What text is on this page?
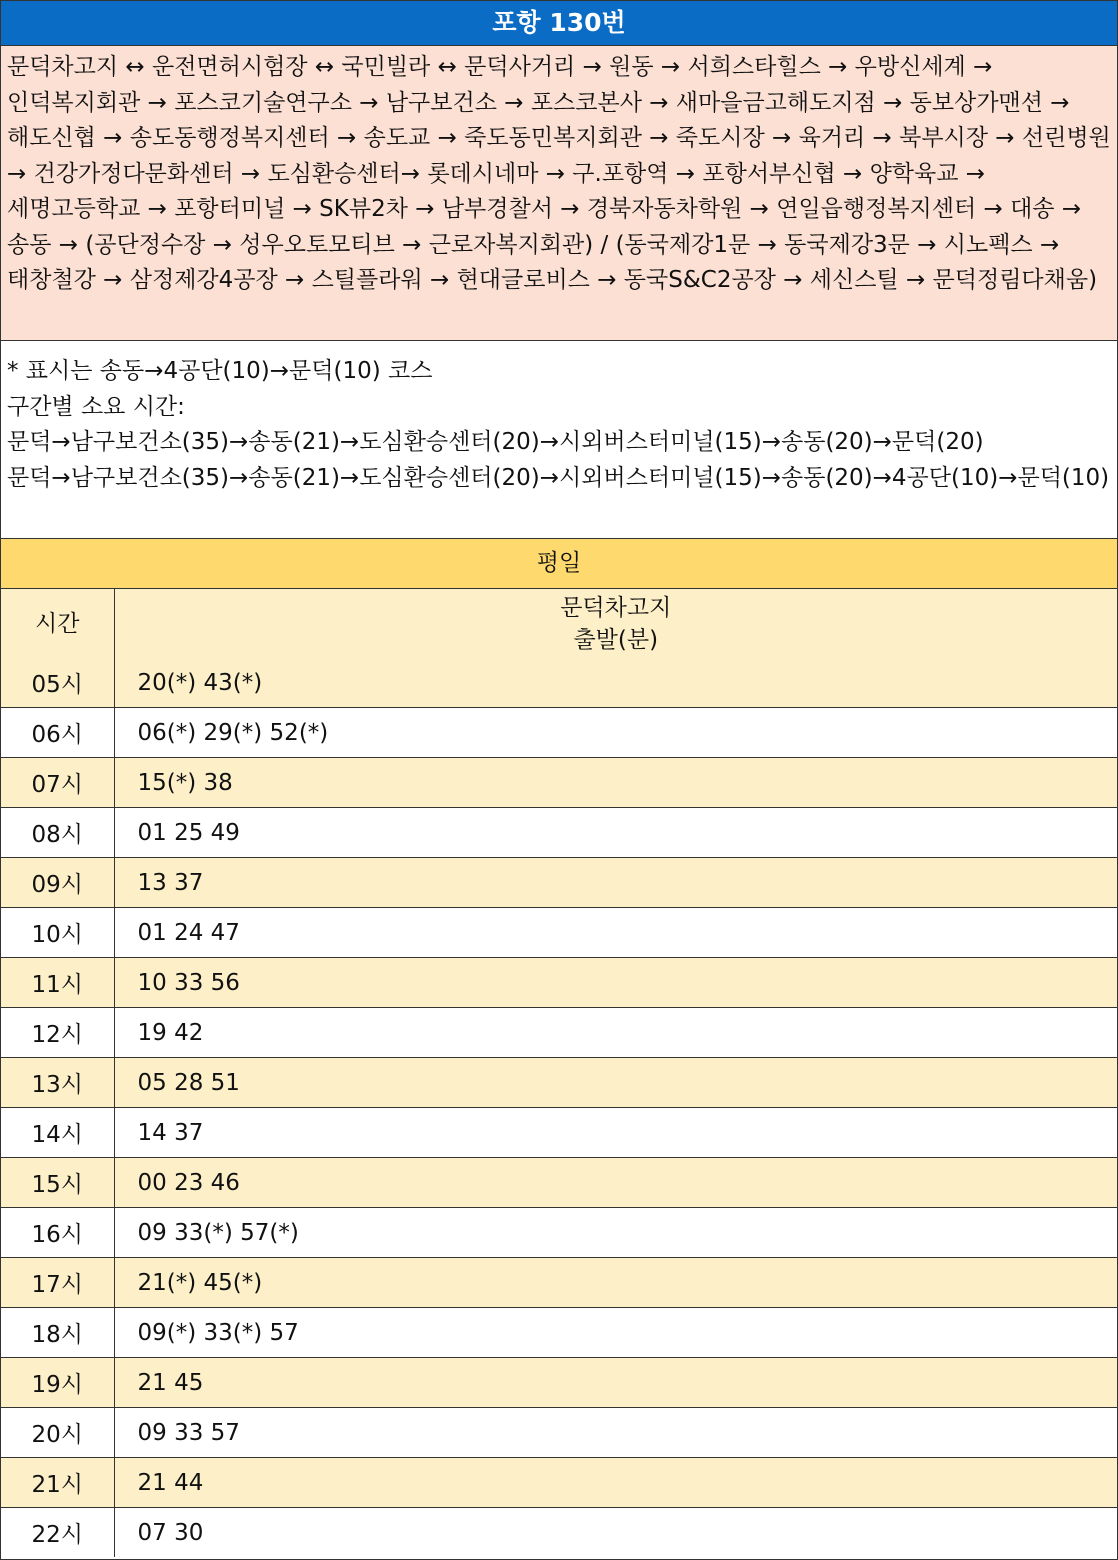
포항 130번
문덕차고지 ↔ 운전면허시험장 ↔ 국민빌라 ↔ 문덕사거리 → 원동 → 서희스타힐스 → 우방신세계 → 인덕복지회관 → 포스코기술연구소 → 남구보건소 → 포스코본사 → 새마을금고해도지점 → 동보상가맨션 → 해도신협 → 송도동행정복지센터 → 송도교 → 죽도동민복지회관 → 죽도시장 → 육거리 → 북부시장 → 선린병원 → 건강가정다문화센터 → 도심환승센터→ 롯데시네마 → 구.포항역 → 포항서부신협 → 양학육교 → 세명고등학교 → 포항터미널 → SK뷰2차 → 남부경찰서 → 경북자동차학원 → 연일읍행정복지센터 → 대송 → 송동 → (공단정수장 → 성우오토모티브 → 근로자복지회관) / (동국제강1문 → 동국제강3문 → 시노펙스 → 태창철강 → 삼정제강4공장 → 스틸플라워 → 현대글로비스 → 동국S&C2공장 → 세신스틸 → 문덕정림다채움)
* 표시는 송동→4공단(10)→문덕(10) 코스
구간별 소요 시간:
문덕→남구보건소(35)→송동(21)→도심환승센터(20)→시외버스터미널(15)→송동(20)→문덕(20)
문덕→남구보건소(35)→송동(21)→도심환승센터(20)→시외버스터미널(15)→송동(20)→4공단(10)→문덕(10)
평일
시간	문덕차고지
출발(분)

05시	20(*) 43(*)
06시	06(*) 29(*) 52(*)
07시	15(*) 38
08시	01 25 49
09시	13 37
10시	01 24 47
11시	10 33 56
12시	19 42
13시	05 28 51
14시	14 37
15시	00 23 46
16시	09 33(*) 57(*)
17시	21(*) 45(*)
18시	09(*) 33(*) 57
19시	21 45
20시	09 33 57
21시	21 44
22시	07 30
